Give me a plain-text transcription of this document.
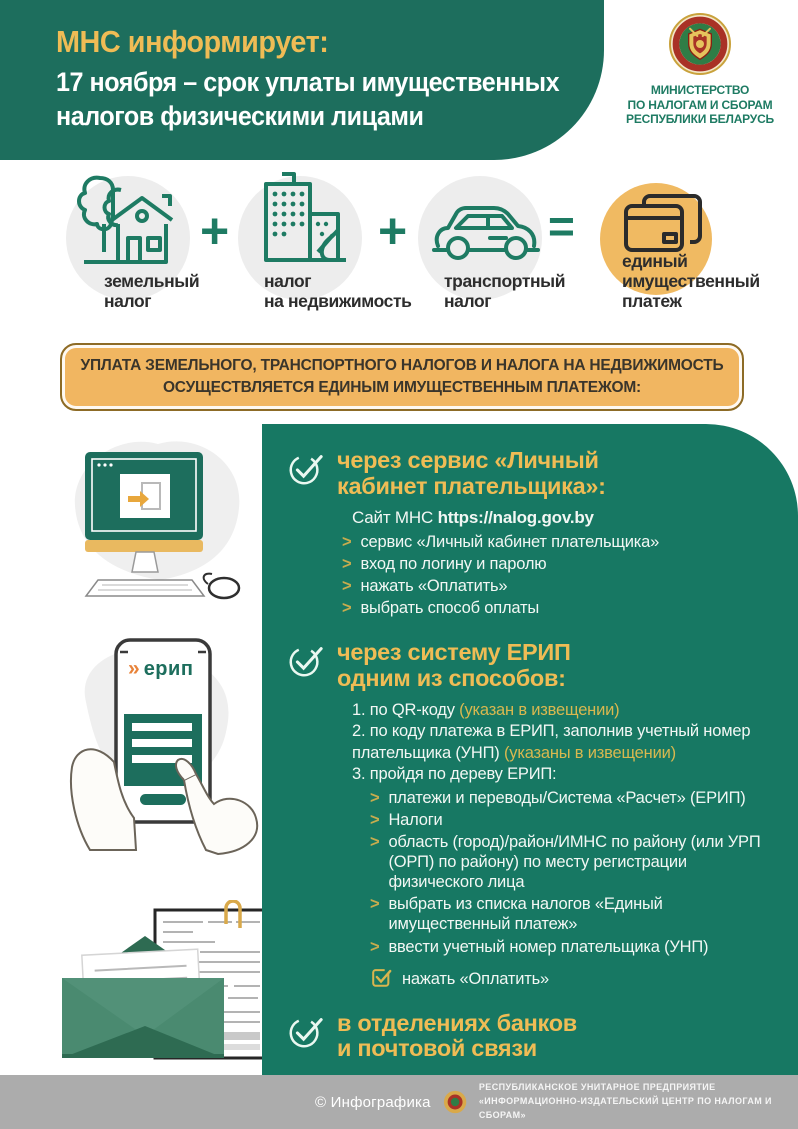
МНС информирует:
17 ноября – срок уплаты имущественных
налогов физическими лицами
МИНИСТЕРСТВО
ПО НАЛОГАМ И СБОРАМ
РЕСПУБЛИКИ БЕЛАРУСЬ
+	+	=
земельный
налог
налог
на недвижимость
транспортный
налог
единый
имущественный
платеж
УПЛАТА ЗЕМЕЛЬНОГО, ТРАНСПОРТНОГО НАЛОГОВ И НАЛОГА НА НЕДВИЖИМОСТЬ
ОСУЩЕСТВЛЯЕТСЯ ЕДИНЫМ ИМУЩЕСТВЕННЫМ ПЛАТЕЖОМ:
» ерип
через сервис «Личный
кабинет плательщика»:
Сайт МНС https://nalog.gov.by
> сервис «Личный кабинет плательщика»
> вход по логину и паролю
> нажать «Оплатить»
> выбрать способ оплаты
через систему ЕРИП
одним из способов:
1. по QR-коду (указан в извещении)
2. по коду платежа в ЕРИП, заполнив учетный номер плательщика (УНП) (указаны в извещении)
3. пройдя по дереву ЕРИП:
> платежи и переводы/Система «Расчет» (ЕРИП)
> Налоги
> область (город)/район/ИМНС по району (или УРП (ОРП) по району) по месту регистрации физического лица
> выбрать из списка налогов «Единый имущественный платеж»
> ввести учетный номер плательщика (УНП)
нажать «Оплатить»
в отделениях банков
и почтовой связи
© Инфографика
РЕСПУБЛИКАНСКОЕ УНИТАРНОЕ ПРЕДПРИЯТИЕ
«ИНФОРМАЦИОННО-ИЗДАТЕЛЬСКИЙ ЦЕНТР ПО НАЛОГАМ И СБОРАМ»
